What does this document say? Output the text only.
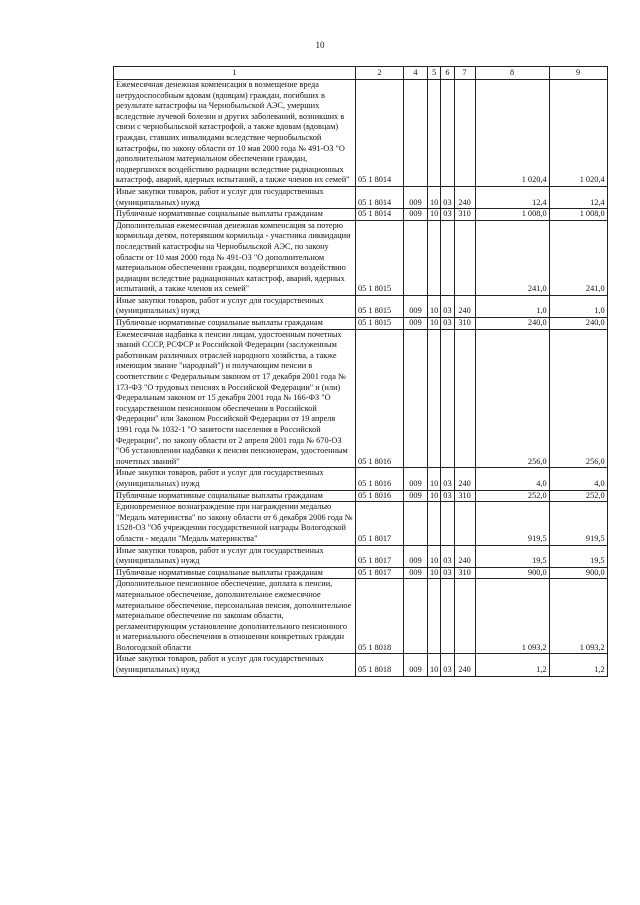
10
1	2	4	5	6	7	8	9
Ежемесячная денежная компенсация в возмещение вреда нетрудоспособным вдовам (вдовцам) граждан, погибших в результате катастрофы на Чернобыльской АЭС, умерших вследствие лучевой болезни и других заболеваний, возникших в связи с чернобыльской катастрофой, а также вдовам (вдовцам) граждан, ставших инвалидами вследствие чернобыльской катастрофы, по закону области от 10 мая 2000 года № 491-ОЗ "О дополнительном материальном обеспечении граждан, подвергшихся воздействию радиации вследствие радиационных катастроф, аварий, ядерных испытаний, а также членов их семей"	05 1 8014					1 020,4	1 020,4
Иные закупки товаров, работ и услуг для государственных (муниципальных) нужд	05 1 8014	009	10	03	240	12,4	12,4
Публичные нормативные социальные выплаты гражданам	05 1 8014	009	10	03	310	1 008,0	1 008,0
Дополнительная ежемесячная денежная компенсация за потерю кормильца детям, потерявшим кормильца - участника ликвидации последствий катастрофы на Чернобыльской АЭС, по закону области от 10 мая 2000 года № 491-ОЗ "О дополнительном материальном обеспечении граждан, подвергшихся воздействию радиации вследствие радиационных катастроф, аварий, ядерных испытаний, а также членов их семей"	05 1 8015					241,0	241,0
Иные закупки товаров, работ и услуг для государственных (муниципальных) нужд	05 1 8015	009	10	03	240	1,0	1,0
Публичные нормативные социальные выплаты гражданам	05 1 8015	009	10	03	310	240,0	240,0
Ежемесячная надбавка к пенсии лицам, удостоенным почетных званий СССР, РСФСР и Российской Федерации (заслуженным работникам различных отраслей народного хозяйства, а также имеющим звание "народный") и получающим пенсии в соответствии с Федеральным законом от 17 декабря 2001 года № 173-ФЗ "О трудовых пенсиях в Российской Федерации" и (или) Федеральным законом от 15 декабря 2001 года № 166-ФЗ "О государственном пенсионном обеспечении в Российской Федерации" или Законом Российской Федерации от 19 апреля 1991 года № 1032-1 "О занятости населения в Российской Федерации", по закону области от 2 апреля 2001 года № 670-ОЗ "Об установлении надбавки к пенсии пенсионерам, удостоенным почетных званий"	05 1 8016					256,0	256,0
Иные закупки товаров, работ и услуг для государственных (муниципальных) нужд	05 1 8016	009	10	03	240	4,0	4,0
Публичные нормативные социальные выплаты гражданам	05 1 8016	009	10	03	310	252,0	252,0
Единовременное вознаграждение при награждении медалью "Медаль материнства" по закону области от 6 декабря 2006 года № 1528-ОЗ "Об учреждении государственной награды Вологодской области - медали "Медаль материнства"	05 1 8017					919,5	919,5
Иные закупки товаров, работ и услуг для государственных (муниципальных) нужд	05 1 8017	009	10	03	240	19,5	19,5
Публичные нормативные социальные выплаты гражданам	05 1 8017	009	10	03	310	900,0	900,0
Дополнительное пенсионное обеспечение, доплата к пенсии, материальное обеспечение, дополнительное ежемесячное материальное обеспечение, персональная пенсия, дополнительное материальное обеспечение по законам области, регламентирующим установление дополнительного пенсионного и материального обеспечения в отношении конкретных граждан Вологодской области	05 1 8018					1 093,2	1 093,2
Иные закупки товаров, работ и услуг для государственных (муниципальных) нужд	05 1 8018	009	10	03	240	1,2	1,2
